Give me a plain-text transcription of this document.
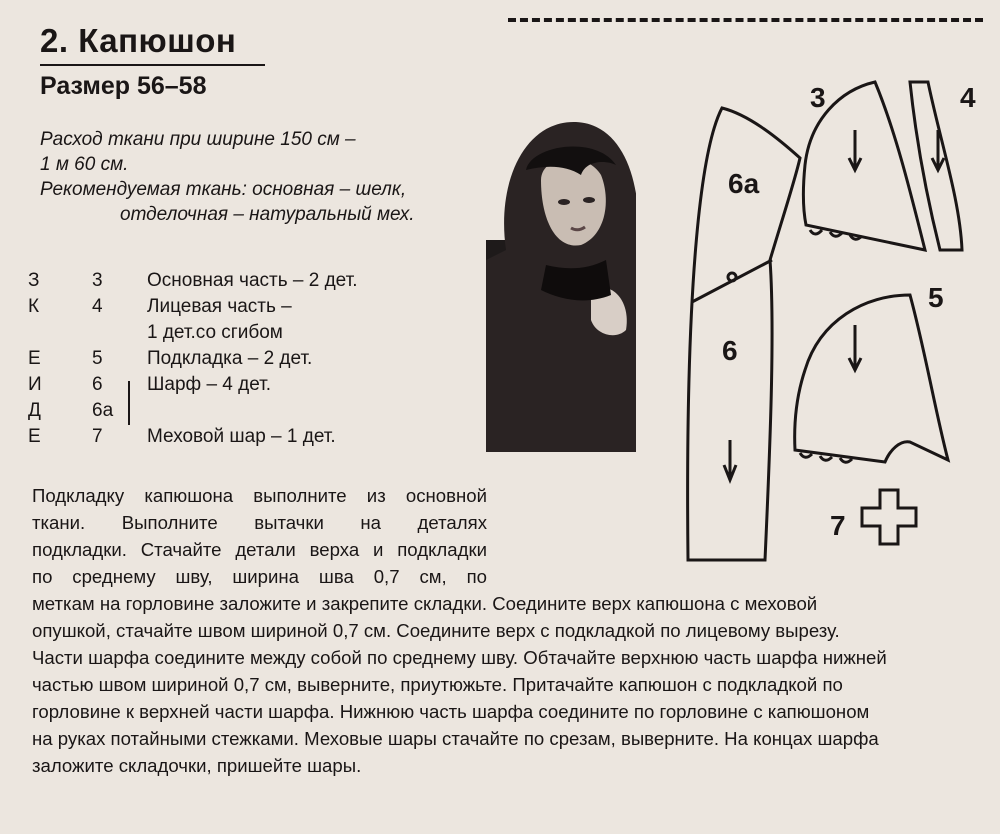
2. Капюшон
Размер 56–58
Расход ткани при ширине 150 см –
1 м 60 см.
Рекомендуемая ткань: основная – шелк,
отделочная – натуральный мех.
З	3	Основная часть – 2 дет.
К	4	Лицевая часть –
1 дет.со сгибом

Е	5	Подкладка – 2 дет.
И	6	Шарф – 4 дет.
Д	6а	
Е	7	Меховой шар – 1 дет.
Подкладку капюшона выполните из основной
ткани. Выполните вытачки на деталях
подкладки. Стачайте детали верха и подкладки
по среднему шву, ширина шва 0,7 см, по
меткам на горловине заложите и закрепите складки. Соедините верх капюшона с меховой
опушкой, стачайте швом шириной 0,7 см. Соедините верх с подкладкой по лицевому вырезу.
Части шарфа соедините между собой по среднему шву. Обтачайте верхнюю часть шарфа нижней
частью швом шириной 0,7 см, выверните, приутюжьте. Притачайте капюшон с подкладкой по
горловине к верхней части шарфа. Нижнюю часть шарфа соедините по горловине с капюшоном
на руках потайными стежками. Меховые шары стачайте по срезам, выверните. На концах шарфа
заложите складочки, пришейте шары.
3	4
5
6
6а
7
